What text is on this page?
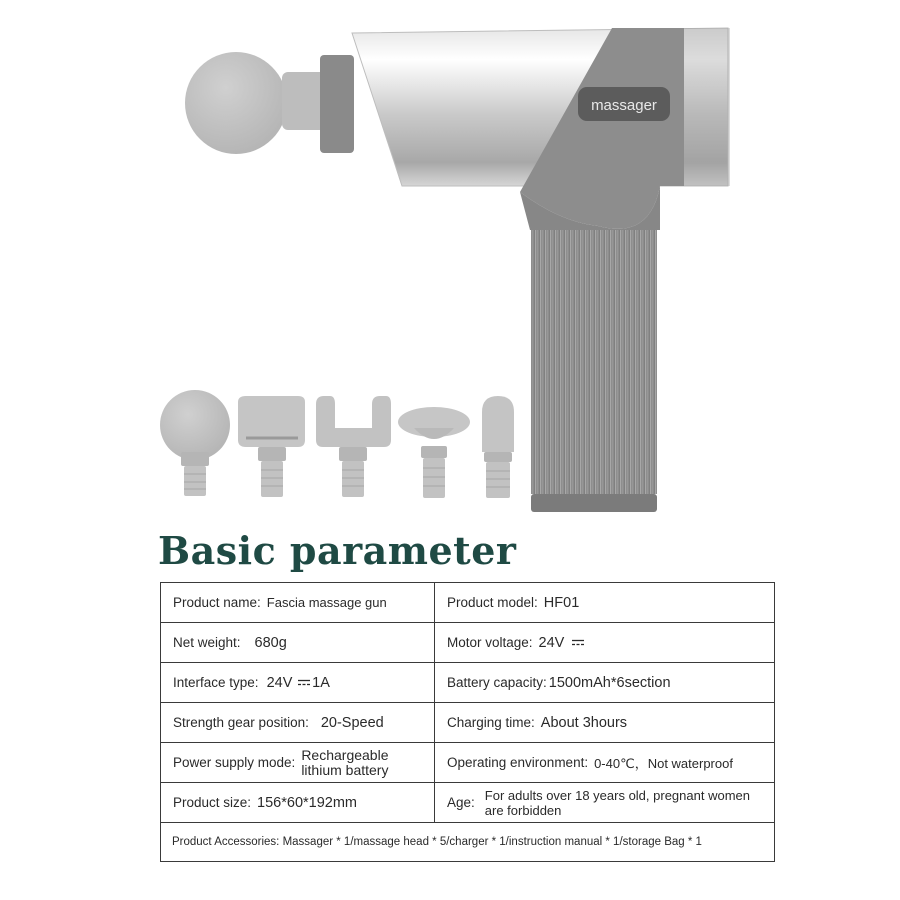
massager
Basic parameter
Product name: Fascia massage gun	Product model: HF01

Net weight: 680g	Motor voltage: 24V

Interface type: 24V 1A	Battery capacity: 1500mAh*6section

Strength gear position: 20-Speed	Charging time: About 3hours

Power supply mode: Rechargeable lithium battery	Operating environment: 0-40℃，Not waterproof

Product size: 156*60*192mm	Age: For adults over 18 years old, pregnant women are forbidden

Product Accessories: Massager * 1/massage head * 5/charger * 1/instruction manual * 1/storage Bag * 1	
